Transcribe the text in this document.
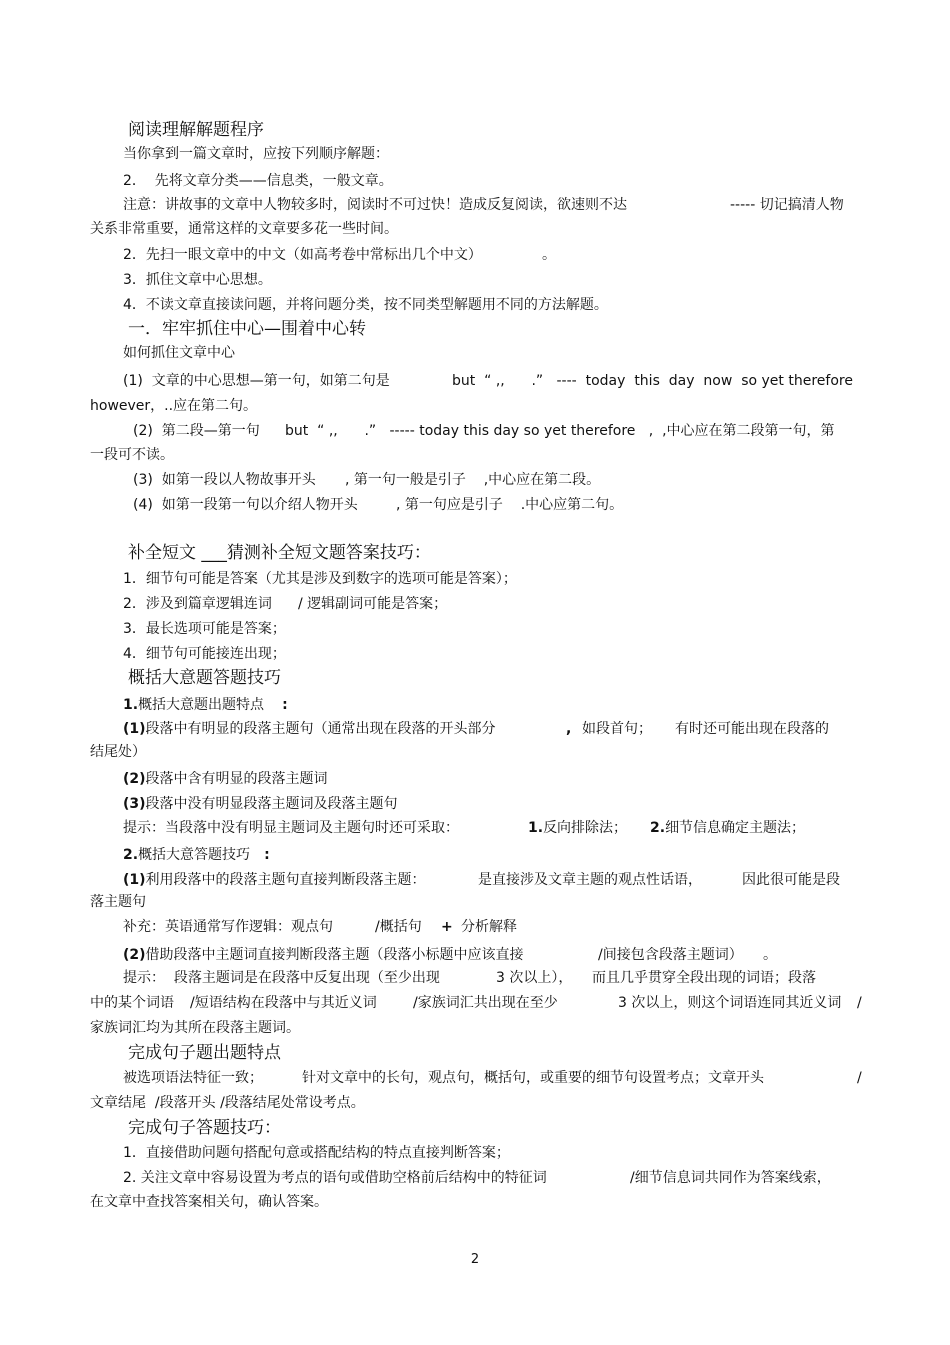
阅读理解解题程序
当你拿到一篇文章时，应按下列顺序解题：
2．  先将文章分类——信息类，一般文章。
注意：讲故事的文章中人物较多时，阅读时不可过快！造成反复阅读，欲速则不达	----- 切记搞清人物
关系非常重要，通常这样的文章要多花一些时间。
2．先扫一眼文章中的中文（如高考卷中常标出几个中文）	。
3．抓住文章中心思想。
4．不读文章直接读问题，并将问题分类，按不同类型解题用不同的方法解题。
一．牢牢抓住中心—围着中心转
如何抓住文章中心
(1)  文章的中心思想—第一句，如第二句是	but  “ ,,      .”   ----  today  this  day  now  so yet therefore
however，..应在第二句。
(2)  第二段—第一句 but  “ ,,      .”   ----- today this day so yet therefore   ,  ,中心应在第二段第一句，第
一段可不读。
(3)  如第一段以人物故事开头 , 第一句一般是引子    ,中心应在第二段。
(4)  如第一段第一句以介绍人物开头	, 第一句应是引子    .中心应第二句。
补全短文 ___猜测补全短文题答案技巧：
1．细节句可能是答案（尤其是涉及到数字的选项可能是答案）；
2．涉及到篇章逻辑连词 / 逻辑副词可能是答案；
3．最长选项可能是答案；
4．细节句可能接连出现；
概括大意题答题技巧
1.概括大意题出题特点 :
(1)段落中有明显的段落主题句（通常出现在段落的开头部分	, 如段首句； 有时还可能出现在段落的
结尾处）
(2)段落中含有明显的段落主题词
(3)段落中没有明显段落主题词及段落主题句
提示：当段落中没有明显主题词及主题句时还可采取：	1.反向排除法； 2.细节信息确定主题法；
2.概括大意答题技巧 :
(1)利用段落中的段落主题句直接判断段落主题：	是直接涉及文章主题的观点性话语，	因此很可能是段
落主题句
补充：英语通常写作逻辑：观点句	/概括句 + 分析解释
(2)借助段落中主题词直接判断段落主题（段落小标题中应该直接	/间接包含段落主题词） 。
提示：  段落主题词是在段落中反复出现（至少出现	3 次以上）， 而且几乎贯穿全段出现的词语；段落
中的某个词语 /短语结构在段落中与其近义词	/家族词汇共出现在至少	3 次以上，则这个词语连同其近义词 /
家族词汇均为其所在段落主题词。
完成句子题出题特点
被选项语法特征一致；	针对文章中的长句，观点句，概括句，或重要的细节句设置考点；文章开头	/
文章结尾  /段落开头 /段落结尾处常设考点。
完成句子答题技巧：
1．直接借助问题句搭配句意或搭配结构的特点直接判断答案；
2. 关注文章中容易设置为考点的语句或借助空格前后结构中的特征词	/细节信息词共同作为答案线索，
在文章中查找答案相关句，确认答案。
2
